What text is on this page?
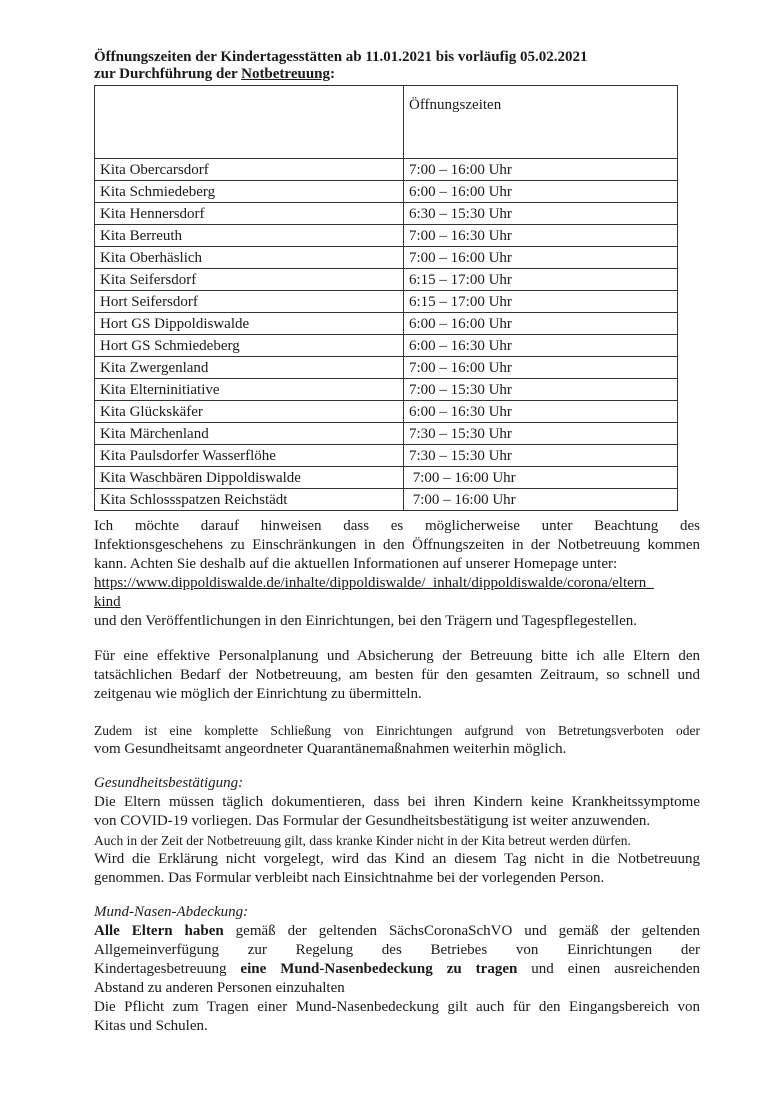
Öffnungszeiten der Kindertagesstätten ab 11.01.2021 bis vorläufig 05.02.2021
zur Durchführung der Notbetreuung:
	Öffnungszeiten
Kita Obercarsdorf	7:00 – 16:00 Uhr
Kita Schmiedeberg	6:00 – 16:00 Uhr
Kita Hennersdorf	6:30 – 15:30 Uhr
Kita Berreuth	7:00 – 16:30 Uhr
Kita Oberhäslich	7:00 – 16:00 Uhr
Kita Seifersdorf	6:15 – 17:00 Uhr
Hort Seifersdorf	6:15 – 17:00 Uhr
Hort GS Dippoldiswalde	6:00 – 16:00 Uhr
Hort GS Schmiedeberg	6:00 – 16:30 Uhr
Kita Zwergenland	7:00 – 16:00 Uhr
Kita Elterninitiative	7:00 – 15:30 Uhr
Kita Glückskäfer	6:00 – 16:30 Uhr
Kita Märchenland	7:30 – 15:30 Uhr
Kita Paulsdorfer Wasserflöhe	7:30 – 15:30 Uhr
Kita Waschbären Dippoldiswalde	7:00 – 16:00 Uhr
Kita Schlossspatzen Reichstädt	7:00 – 16:00 Uhr
Ich möchte darauf hinweisen dass es möglicherweise unter Beachtung des
Infektionsgeschehens zu Einschränkungen in den Öffnungszeiten in der Notbetreuung kommen
kann. Achten Sie deshalb auf die aktuellen Informationen auf unserer Homepage unter:
https://www.dippoldiswalde.de/inhalte/dippoldiswalde/_inhalt/dippoldiswalde/corona/eltern_
kind
und den Veröffentlichungen in den Einrichtungen, bei den Trägern und Tagespflegestellen.
Für eine effektive Personalplanung und Absicherung der Betreuung bitte ich alle Eltern den
tatsächlichen Bedarf der Notbetreuung, am besten für den gesamten Zeitraum, so schnell und
zeitgenau wie möglich der Einrichtung zu übermitteln.
Zudem ist eine komplette Schließung von Einrichtungen aufgrund von Betretungsverboten oder
vom Gesundheitsamt angeordneter Quarantänemaßnahmen weiterhin möglich.
Gesundheitsbestätigung:
Die Eltern müssen täglich dokumentieren, dass bei ihren Kindern keine Krankheitssymptome
von COVID-19 vorliegen. Das Formular der Gesundheitsbestätigung ist weiter anzuwenden.
Auch in der Zeit der Notbetreuung gilt, dass kranke Kinder nicht in der Kita betreut werden dürfen.
Wird die Erklärung nicht vorgelegt, wird das Kind an diesem Tag nicht in die Notbetreuung
genommen. Das Formular verbleibt nach Einsichtnahme bei der vorlegenden Person.
Mund-Nasen-Abdeckung:
Alle Eltern haben gemäß der geltenden SächsCoronaSchVO und gemäß der geltenden
Allgemeinverfügung zur Regelung des Betriebes von Einrichtungen der
Kindertagesbetreuung eine Mund-Nasenbedeckung zu tragen und einen ausreichenden
Abstand zu anderen Personen einzuhalten
Die Pflicht zum Tragen einer Mund-Nasenbedeckung gilt auch für den Eingangsbereich von
Kitas und Schulen.
